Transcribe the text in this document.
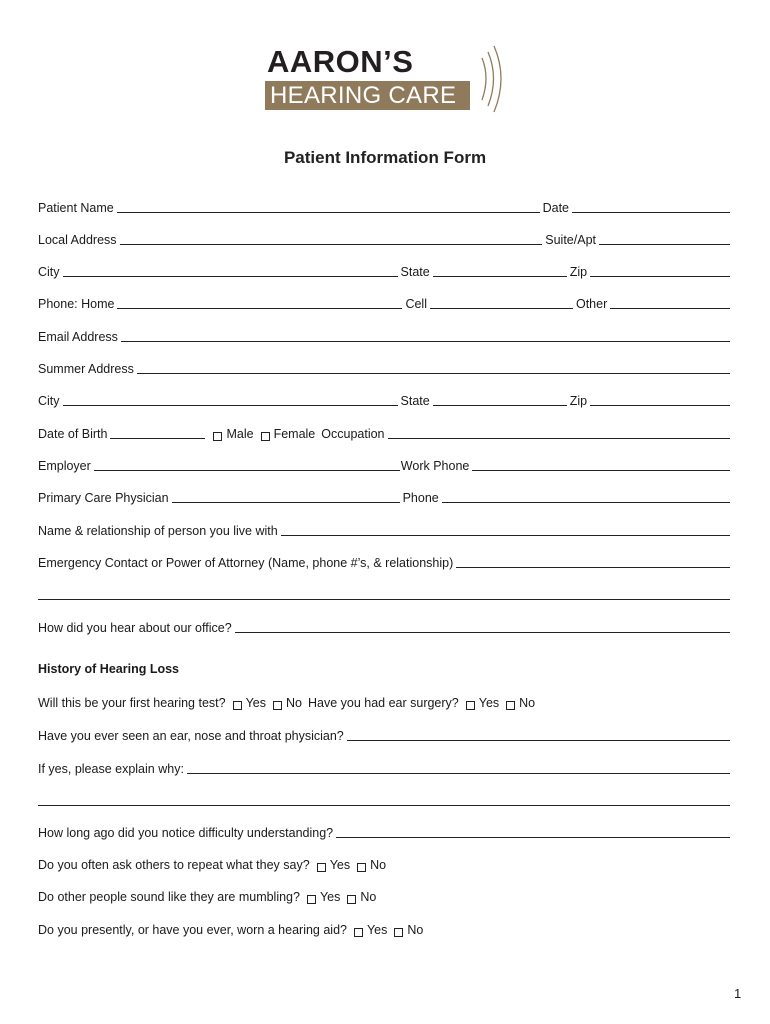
AARON’S
HEARING CARE
Patient Information Form
Patient Name	Date
Local Address	Suite/Apt
City	State	Zip
Phone: Home	Cell	Other
Email Address
Summer Address
City	State	Zip
Date of Birth	Male Female Occupation
Employer	Work Phone
Primary Care Physician	Phone
Name & relationship of person you live with
Emergency Contact or Power of Attorney (Name, phone #’s, & relationship)
How did you hear about our office?
History of Hearing Loss
Will this be your first hearing test? Yes No Have you had ear surgery? Yes No
Have you ever seen an ear, nose and throat physician?
If yes, please explain why:
How long ago did you notice difficulty understanding?
Do you often ask others to repeat what they say? Yes No
Do other people sound like they are mumbling? Yes No
Do you presently, or have you ever, worn a hearing aid? Yes No
1
